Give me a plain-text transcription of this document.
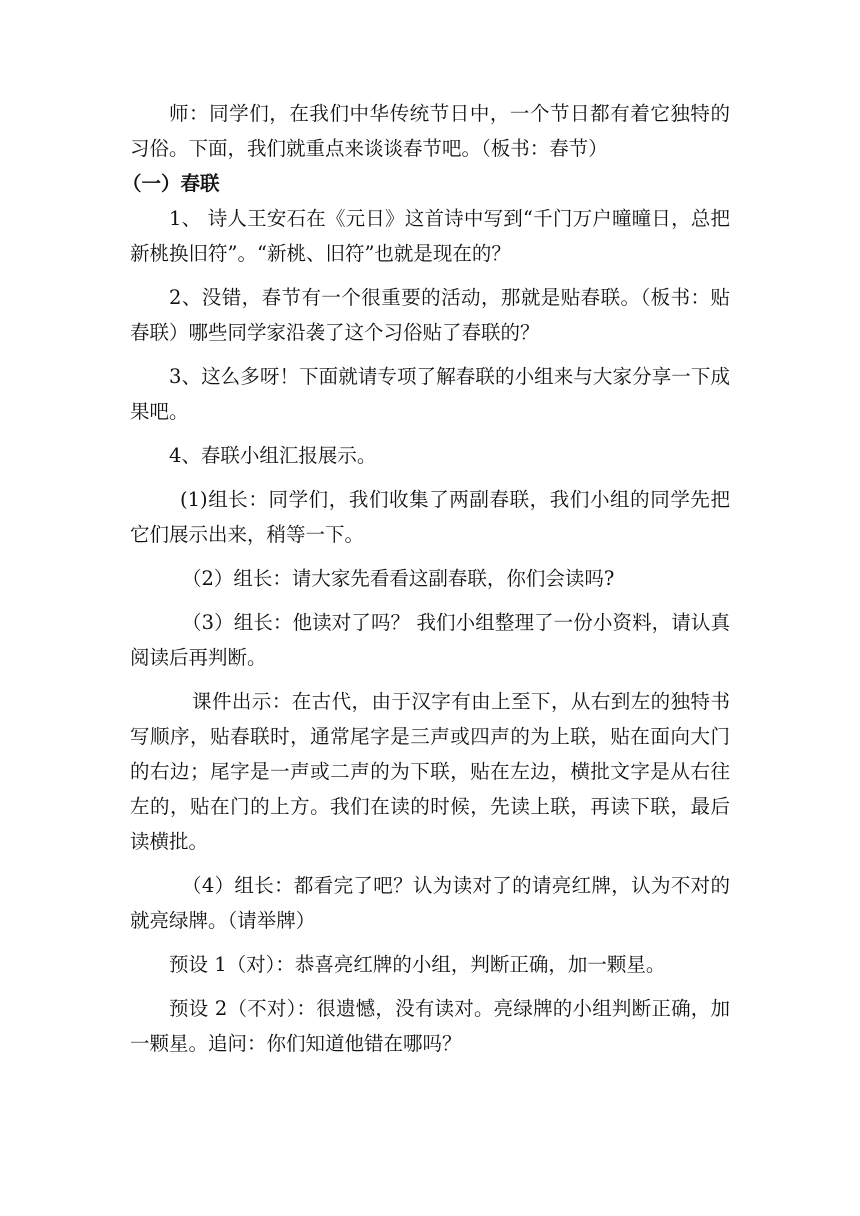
师：同学们，在我们中华传统节日中，一个节日都有着它独特的习俗。下面，我们就重点来谈谈春节吧。（板书：春节）

（一）春联

1、 诗人王安石在《元日》这首诗中写到“千门万户曈曈日，总把新桃换旧符”。“新桃、旧符”也就是现在的？

2、没错，春节有一个很重要的活动，那就是贴春联。（板书：贴春联）哪些同学家沿袭了这个习俗贴了春联的？

3、这么多呀！下面就请专项了解春联的小组来与大家分享一下成果吧。

4、春联小组汇报展示。

(1)组长：同学们，我们收集了两副春联，我们小组的同学先把它们展示出来，稍等一下。

（2）组长：请大家先看看这副春联，你们会读吗?

（3）组长：他读对了吗？ 我们小组整理了一份小资料，请认真阅读后再判断。

课件出示：在古代，由于汉字有由上至下，从右到左的独特书写顺序，贴春联时，通常尾字是三声或四声的为上联，贴在面向大门的右边；尾字是一声或二声的为下联，贴在左边，横批文字是从右往左的，贴在门的上方。我们在读的时候，先读上联，再读下联，最后读横批。

（4）组长：都看完了吧？认为读对了的请亮红牌，认为不对的就亮绿牌。（请举牌）

预设 1（对）：恭喜亮红牌的小组，判断正确，加一颗星。

预设 2（不对）：很遗憾，没有读对。亮绿牌的小组判断正确，加一颗星。追问：你们知道他错在哪吗？
